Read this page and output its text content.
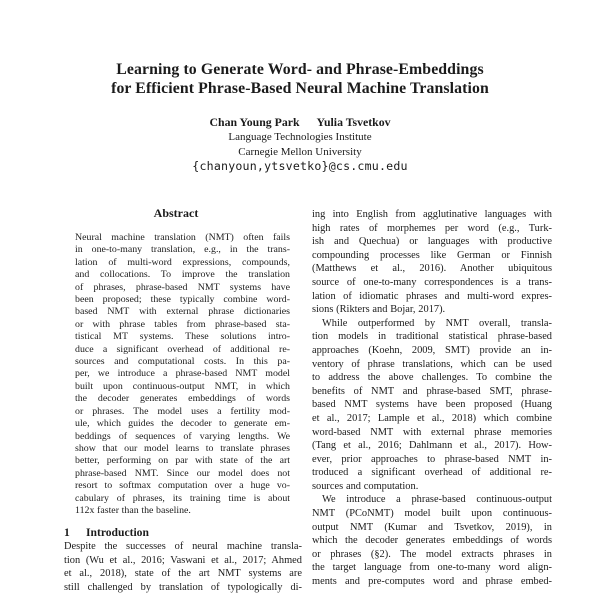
Learning to Generate Word- and Phrase-Embeddings
for Efficient Phrase-Based Neural Machine Translation
Chan Young Park Yulia Tsvetkov
Language Technologies Institute
Carnegie Mellon University
{chanyoun,ytsvetko}@cs.cmu.edu
Abstract
Neural machine translation (NMT) often fails
in one-to-many translation, e.g., in the trans-
lation of multi-word expressions, compounds,
and collocations. To improve the translation
of phrases, phrase-based NMT systems have
been proposed; these typically combine word-
based NMT with external phrase dictionaries
or with phrase tables from phrase-based sta-
tistical MT systems. These solutions intro-
duce a significant overhead of additional re-
sources and computational costs. In this pa-
per, we introduce a phrase-based NMT model
built upon continuous-output NMT, in which
the decoder generates embeddings of words
or phrases. The model uses a fertility mod-
ule, which guides the decoder to generate em-
beddings of sequences of varying lengths. We
show that our model learns to translate phrases
better, performing on par with state of the art
phrase-based NMT. Since our model does not
resort to softmax computation over a huge vo-
cabulary of phrases, its training time is about
112x faster than the baseline.
1 Introduction
Despite the successes of neural machine transla-
tion (Wu et al., 2016; Vaswani et al., 2017; Ahmed
et al., 2018), state of the art NMT systems are
still challenged by translation of typologically di-
ing into English from agglutinative languages with
high rates of morphemes per word (e.g., Turk-
ish and Quechua) or languages with productive
compounding processes like German or Finnish
(Matthews et al., 2016). Another ubiquitous
source of one-to-many correspondences is a trans-
lation of idiomatic phrases and multi-word expres-
sions (Rikters and Bojar, 2017).
While outperformed by NMT overall, transla-
tion models in traditional statistical phrase-based
approaches (Koehn, 2009, SMT) provide an in-
ventory of phrase translations, which can be used
to address the above challenges. To combine the
benefits of NMT and phrase-based SMT, phrase-
based NMT systems have been proposed (Huang
et al., 2017; Lample et al., 2018) which combine
word-based NMT with external phrase memories
(Tang et al., 2016; Dahlmann et al., 2017). How-
ever, prior approaches to phrase-based NMT in-
troduced a significant overhead of additional re-
sources and computation.
We introduce a phrase-based continuous-output
NMT (PCoNMT) model built upon continuous-
output NMT (Kumar and Tsvetkov, 2019), in
which the decoder generates embeddings of words
or phrases (§2). The model extracts phrases in
the target language from one-to-many word align-
ments and pre-computes word and phrase embed-
